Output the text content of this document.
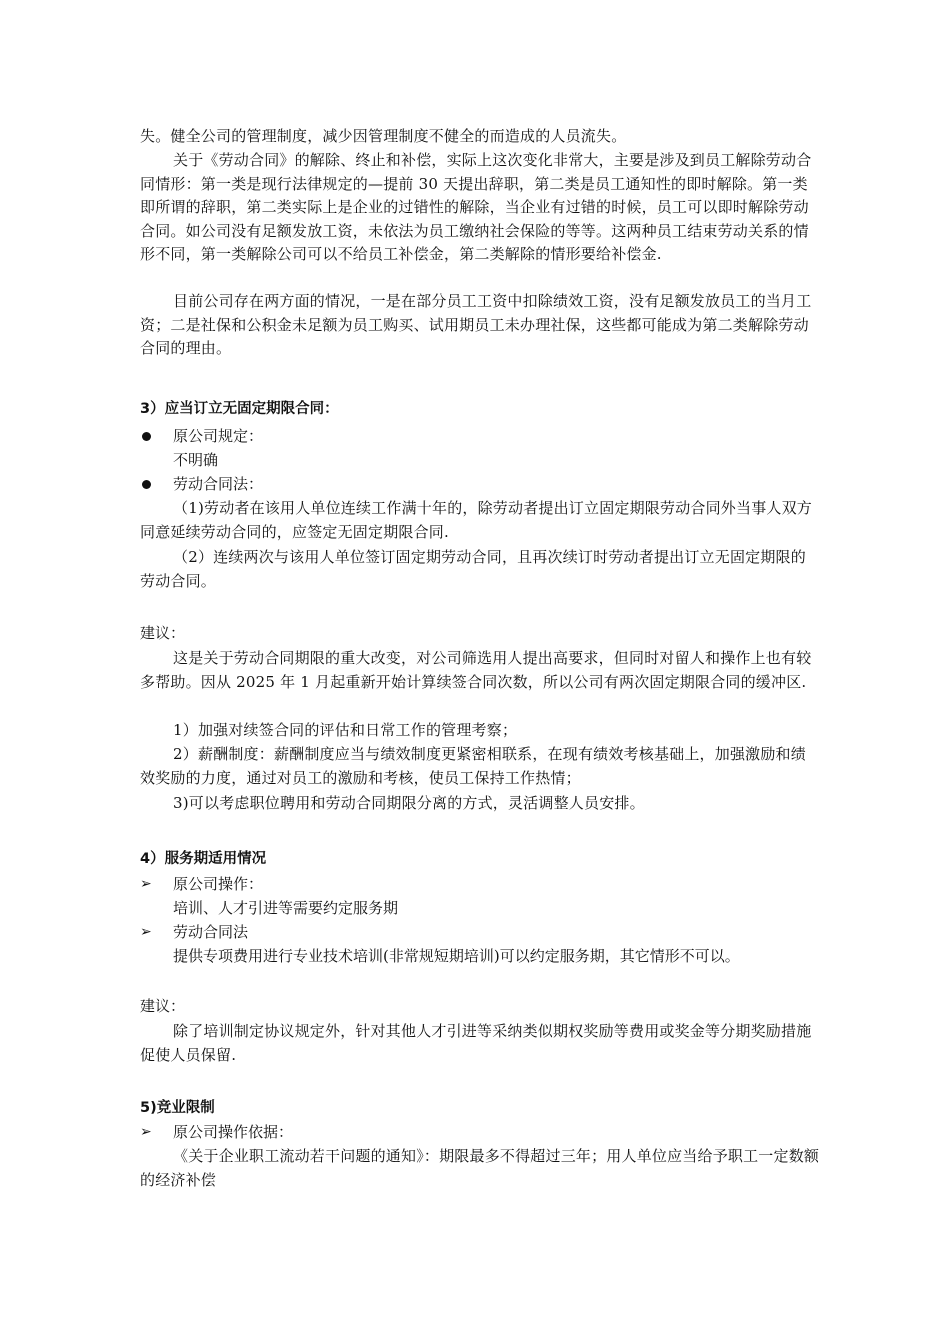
失。健全公司的管理制度，减少因管理制度不健全的而造成的人员流失。

关于《劳动合同》的解除、终止和补偿，实际上这次变化非常大，主要是涉及到员工解除劳动合同情形：第一类是现行法律规定的—提前 30 天提出辞职，第二类是员工通知性的即时解除。第一类即所谓的辞职，第二类实际上是企业的过错性的解除，当企业有过错的时候，员工可以即时解除劳动合同。如公司没有足额发放工资，未依法为员工缴纳社会保险的等等。这两种员工结束劳动关系的情形不同，第一类解除公司可以不给员工补偿金，第二类解除的情形要给补偿金.

目前公司存在两方面的情况，一是在部分员工工资中扣除绩效工资，没有足额发放员工的当月工资；二是社保和公积金未足额为员工购买、试用期员工未办理社保，这些都可能成为第二类解除劳动合同的理由。

3）应当订立无固定期限合同：
原公司规定：
不明确
劳动合同法：

（1)劳动者在该用人单位连续工作满十年的，除劳动者提出订立固定期限劳动合同外当事人双方同意延续劳动合同的，应签定无固定期限合同.

（2）连续两次与该用人单位签订固定期劳动合同，且再次续订时劳动者提出订立无固定期限的劳动合同。

建议：

这是关于劳动合同期限的重大改变，对公司筛选用人提出高要求，但同时对留人和操作上也有较多帮助。因从 2025 年 1 月起重新开始计算续签合同次数，所以公司有两次固定期限合同的缓冲区.

1）加强对续签合同的评估和日常工作的管理考察；

2）薪酬制度：薪酬制度应当与绩效制度更紧密相联系，在现有绩效考核基础上，加强激励和绩效奖励的力度，通过对员工的激励和考核，使员工保持工作热情；

3)可以考虑职位聘用和劳动合同期限分离的方式，灵活调整人员安排。

4）服务期适用情况
➢ 原公司操作：
培训、人才引进等需要约定服务期
➢ 劳动合同法
提供专项费用进行专业技术培训(非常规短期培训)可以约定服务期，其它情形不可以。
建议：

除了培训制定协议规定外，针对其他人才引进等采纳类似期权奖励等费用或奖金等分期奖励措施促使人员保留.

5)竞业限制
➢ 原公司操作依据：

《关于企业职工流动若干问题的通知》：期限最多不得超过三年；用人单位应当给予职工一定数额的经济补偿
